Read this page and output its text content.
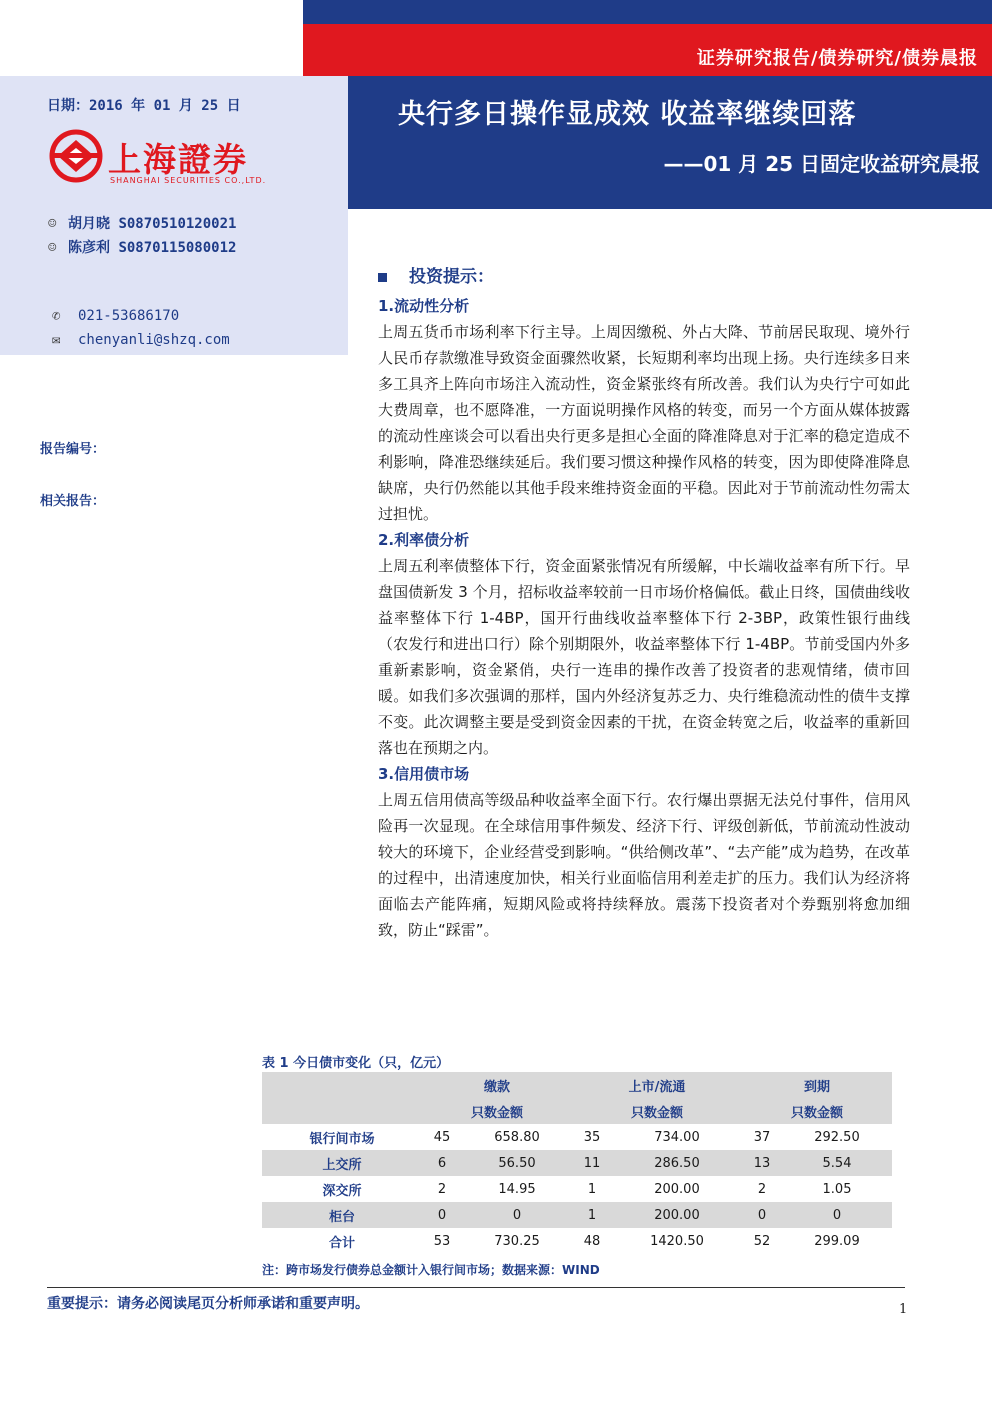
证券研究报告/债券研究/债券晨报
央行多日操作显成效 收益率继续回落
——01 月 25 日固定收益研究晨报
日期：2016 年 01 月 25 日
上海證券
SHANGHAI SECURITIES CO.,LTD.
☺ 胡月晓 S0870510120021
☺ 陈彦利 S0870115080012
✆ 021-53686170
✉ chenyanli@shzq.com
报告编号：
相关报告：
投资提示：
1.流动性分析

上周五货币市场利率下行主导。上周因缴税、外占大降、节前居民取现、境外行人民币存款缴准导致资金面骤然收紧，长短期利率均出现上扬。央行连续多日来多工具齐上阵向市场注入流动性，资金紧张终有所改善。我们认为央行宁可如此大费周章，也不愿降准，一方面说明操作风格的转变，而另一个方面从媒体披露的流动性座谈会可以看出央行更多是担心全面的降准降息对于汇率的稳定造成不利影响，降准恐继续延后。我们要习惯这种操作风格的转变，因为即使降准降息缺席，央行仍然能以其他手段来维持资金面的平稳。因此对于节前流动性勿需太过担忧。

2.利率债分析

上周五利率债整体下行，资金面紧张情况有所缓解，中长端收益率有所下行。早盘国债新发 3 个月，招标收益率较前一日市场价格偏低。截止日终，国债曲线收益率整体下行 1-4BP，国开行曲线收益率整体下行 2-3BP，政策性银行曲线（农发行和进出口行）除个别期限外，收益率整体下行 1-4BP。节前受国内外多重新素影响，资金紧俏，央行一连串的操作改善了投资者的悲观情绪，债市回暖。如我们多次强调的那样，国内外经济复苏乏力、央行维稳流动性的债牛支撑不变。此次调整主要是受到资金因素的干扰，在资金转宽之后，收益率的重新回落也在预期之内。

3.信用债市场

上周五信用债高等级品种收益率全面下行。农行爆出票据无法兑付事件，信用风险再一次显现。在全球信用事件频发、经济下行、评级创新低，节前流动性波动较大的环境下，企业经营受到影响。“供给侧改革”、“去产能”成为趋势，在改革的过程中，出清速度加快，相关行业面临信用利差走扩的压力。我们认为经济将面临去产能阵痛，短期风险或将持续释放。震荡下投资者对个券甄别将愈加细致，防止“踩雷”。

表 1 今日债市变化（只，亿元）
	缴款		上市/流通		到期	
	只数金额		只数金额		只数金额	
银行间市场	45	658.80	35	734.00	37	292.50
上交所	6	56.50	11	286.50	13	5.54
深交所	2	14.95	1	200.00	2	1.05
柜台	0	0	1	200.00	0	0
合计	53	730.25	48	1420.50	52	299.09
注：跨市场发行债券总金额计入银行间市场；数据来源：WIND
重要提示：请务必阅读尾页分析师承诺和重要声明。	1
